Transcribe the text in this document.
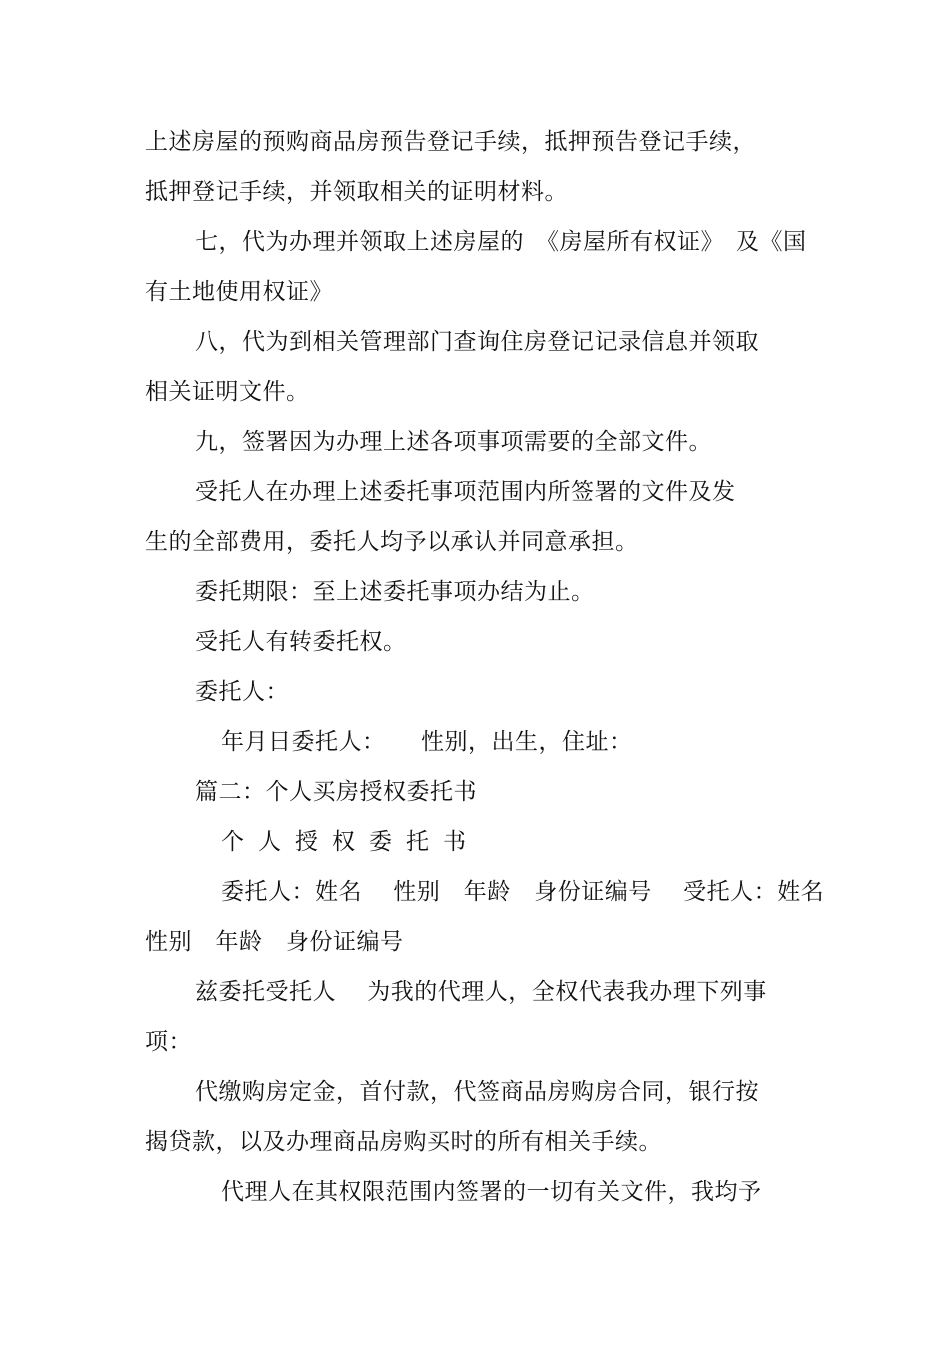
上述房屋的预购商品房预告登记手续，抵押预告登记手续，
抵押登记手续，并领取相关的证明材料。
七，代为办理并领取上述房屋的　《房屋所有权证》　及《国
有土地使用权证》
八，代为到相关管理部门查询住房登记记录信息并领取
相关证明文件。
九，签署因为办理上述各项事项需要的全部文件。
受托人在办理上述委托事项范围内所签署的文件及发
生的全部费用，委托人均予以承认并同意承担。
委托期限：至上述委托事项办结为止。
受托人有转委托权。
委托人：
年月日委托人：　　性别，出生，住址：
篇二：个人买房授权委托书
个人授权委托书
委托人：姓名　 性别　年龄　身份证编号　 受托人：姓名
性别　年龄　身份证编号
兹委托受托人　 为我的代理人，全权代表我办理下列事
项：
代缴购房定金，首付款，代签商品房购房合同，银行按
揭贷款，以及办理商品房购买时的所有相关手续。
代理人在其权限范围内签署的一切有关文件，我均予
